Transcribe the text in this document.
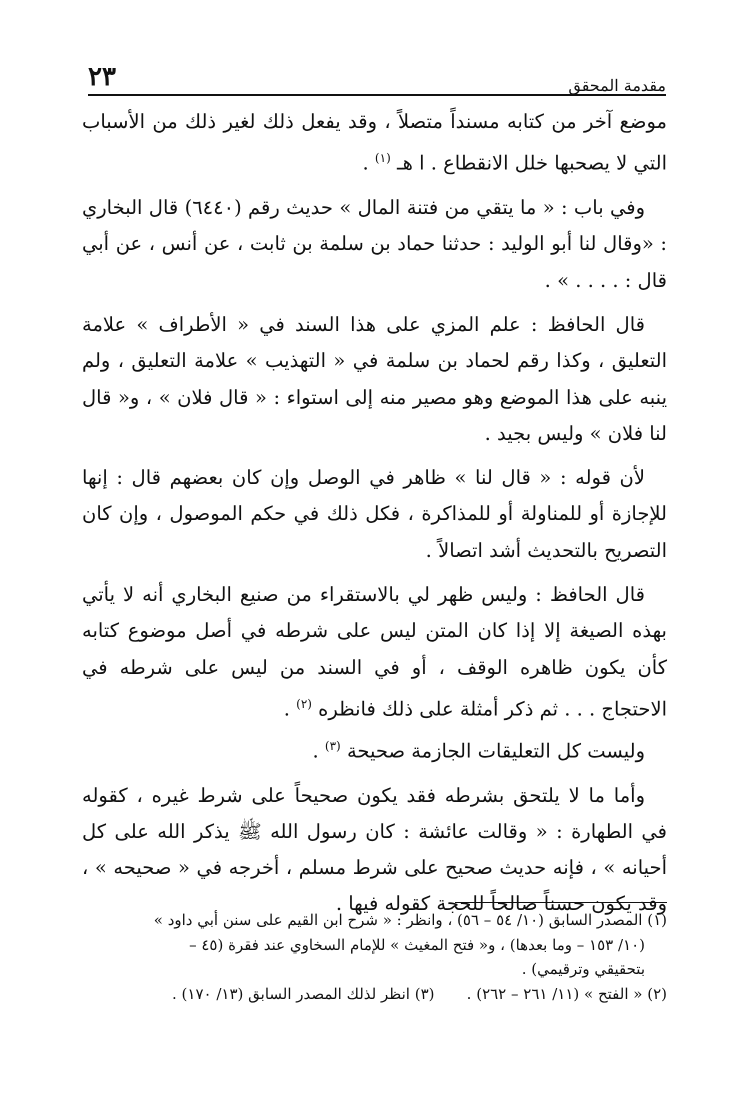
مقدمة المحقق
٢٣

موضع آخر من كتابه مسنداً متصلاً ، وقد يفعل ذلك لغير ذلك من الأسباب التي لا يصحبها خلل الانقطاع . ا هـ $^{(١)}$ .

وفي باب : « ما يتقي من فتنة المال » حديث رقم (٦٤٤٠) قال البخاري : «وقال لنا أبو الوليد : حدثنا حماد بن سلمة بن ثابت ، عن أنس ، عن أبي قال : . . . . » .

قال الحافظ : علم المزي على هذا السند في « الأطراف » علامة التعليق ، وكذا رقم لحماد بن سلمة في « التهذيب » علامة التعليق ، ولم ينبه على هذا الموضع وهو مصير منه إلى استواء : « قال فلان » ، و« قال لنا فلان » وليس بجيد .

لأن قوله : « قال لنا » ظاهر في الوصل وإن كان بعضهم قال : إنها للإجازة أو للمناولة أو للمذاكرة ، فكل ذلك في حكم الموصول ، وإن كان التصريح بالتحديث أشد اتصالاً .

قال الحافظ : وليس ظهر لي بالاستقراء من صنيع البخاري أنه لا يأتي بهذه الصيغة إلا إذا كان المتن ليس على شرطه في أصل موضوع كتابه كأن يكون ظاهره الوقف ، أو في السند من ليس على شرطه في الاحتجاج . . . ثم ذكر أمثلة على ذلك فانظره $^{(٢)}$ .

وليست كل التعليقات الجازمة صحيحة $^{(٣)}$ .

وأما ما لا يلتحق بشرطه فقد يكون صحيحاً على شرط غيره ، كقوله في الطهارة : « وقالت عائشة : كان رسول الله ﷺ يذكر الله على كل أحيانه » ، فإنه حديث صحيح على شرط مسلم ، أخرجه في « صحيحه » ، وقد يكون حسناً صالحاً للحجة كقوله فيها .

(١) المصدر السابق (١٠/ ٥٤ – ٥٦) ، وانظر : « شرح ابن القيم على سنن أبي داود »

(١٠/ ١٥٣ – وما بعدها) ، و« فتح المغيث » للإمام السخاوي عند فقرة (٤٥ –

بتحقيقي وترقيمي) .

(٢) « الفتح » (١١/ ٢٦١ – ٢٦٢) .
(٣) انظر لذلك المصدر السابق (١٣/ ١٧٠) .
